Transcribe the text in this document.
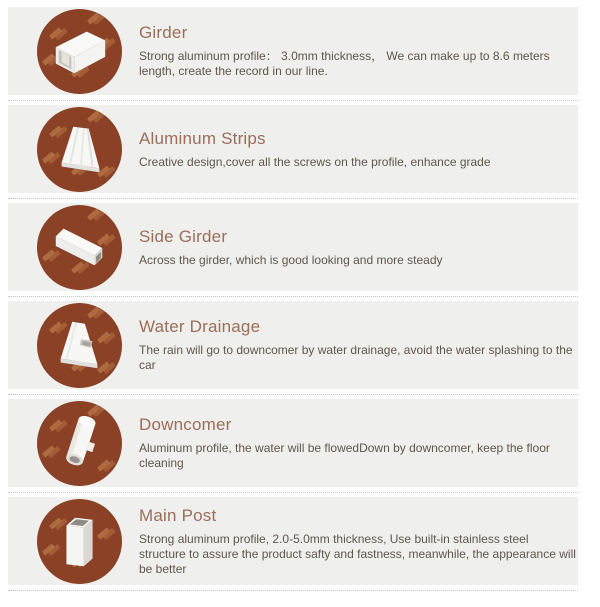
Girder

Strong aluminum profile： 3.0mm thickness， We can make up to 8.6 meters length, create the record in our line.

Aluminum Strips

Creative design,cover all the screws on the profile, enhance grade

Side Girder

Across the girder, which is good looking and more steady

Water Drainage

The rain will go to downcomer by water drainage, avoid the water splashing to the car

Downcomer

Aluminum profile, the water will be flowedDown by downcomer, keep the floor cleaning

Main Post

Strong aluminum profile, 2.0-5.0mm thickness, Use built-in stainless steel structure to assure the product safty and fastness, meanwhile, the appearance will be better
